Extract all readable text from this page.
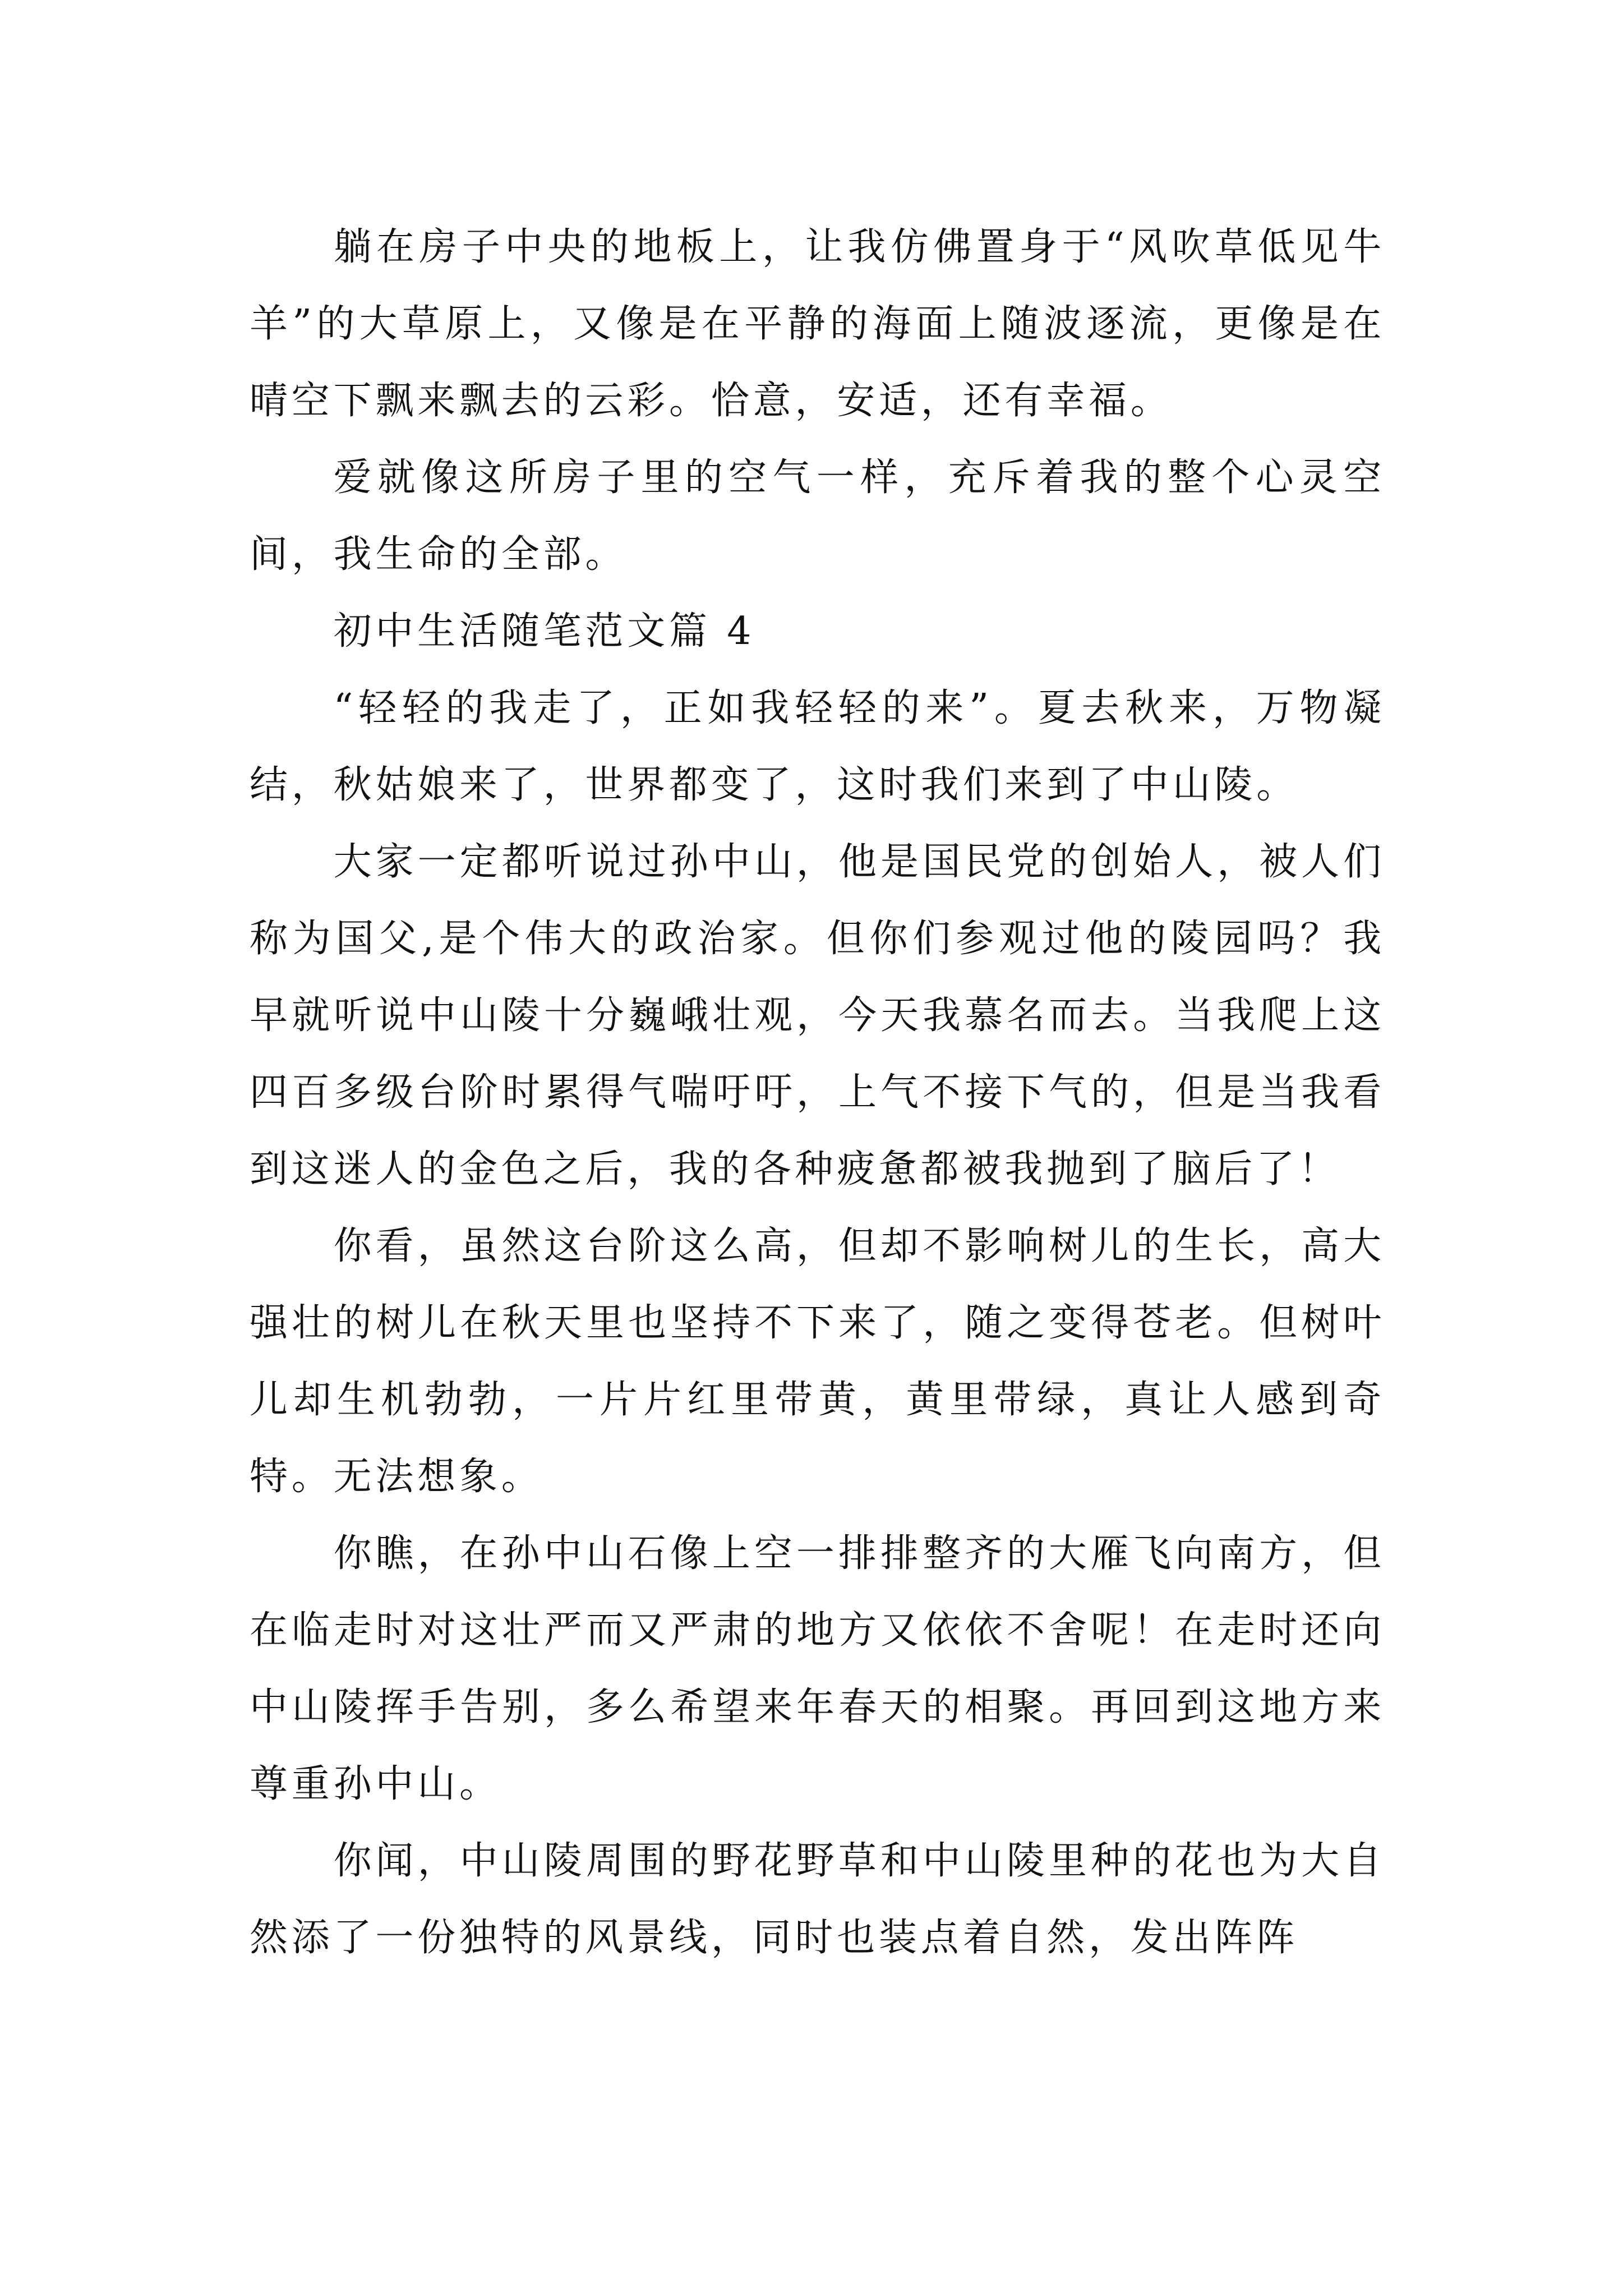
躺在房子中央的地板上，让我仿佛置身于“风吹草低见牛羊”的大草原上，又像是在平静的海面上随波逐流，更像是在晴空下飘来飘去的云彩。恰意，安适，还有幸福。

爱就像这所房子里的空气一样，充斥着我的整个心灵空间，我生命的全部。

初中生活随笔范文篇 4

“轻轻的我走了，正如我轻轻的来”。夏去秋来，万物凝结，秋姑娘来了，世界都变了，这时我们来到了中山陵。

大家一定都听说过孙中山，他是国民党的创始人，被人们称为国父,是个伟大的政治家。但你们参观过他的陵园吗？我早就听说中山陵十分巍峨壮观，今天我慕名而去。当我爬上这四百多级台阶时累得气喘吁吁，上气不接下气的，但是当我看到这迷人的金色之后，我的各种疲惫都被我抛到了脑后了！

你看，虽然这台阶这么高，但却不影响树儿的生长，高大强壮的树儿在秋天里也坚持不下来了，随之变得苍老。但树叶儿却生机勃勃，一片片红里带黄，黄里带绿，真让人感到奇特。无法想象。

你瞧，在孙中山石像上空一排排整齐的大雁飞向南方，但在临走时对这壮严而又严肃的地方又依依不舍呢！在走时还向中山陵挥手告别，多么希望来年春天的相聚。再回到这地方来尊重孙中山。

你闻，中山陵周围的野花野草和中山陵里种的花也为大自然添了一份独特的风景线，同时也装点着自然，发出阵阵
